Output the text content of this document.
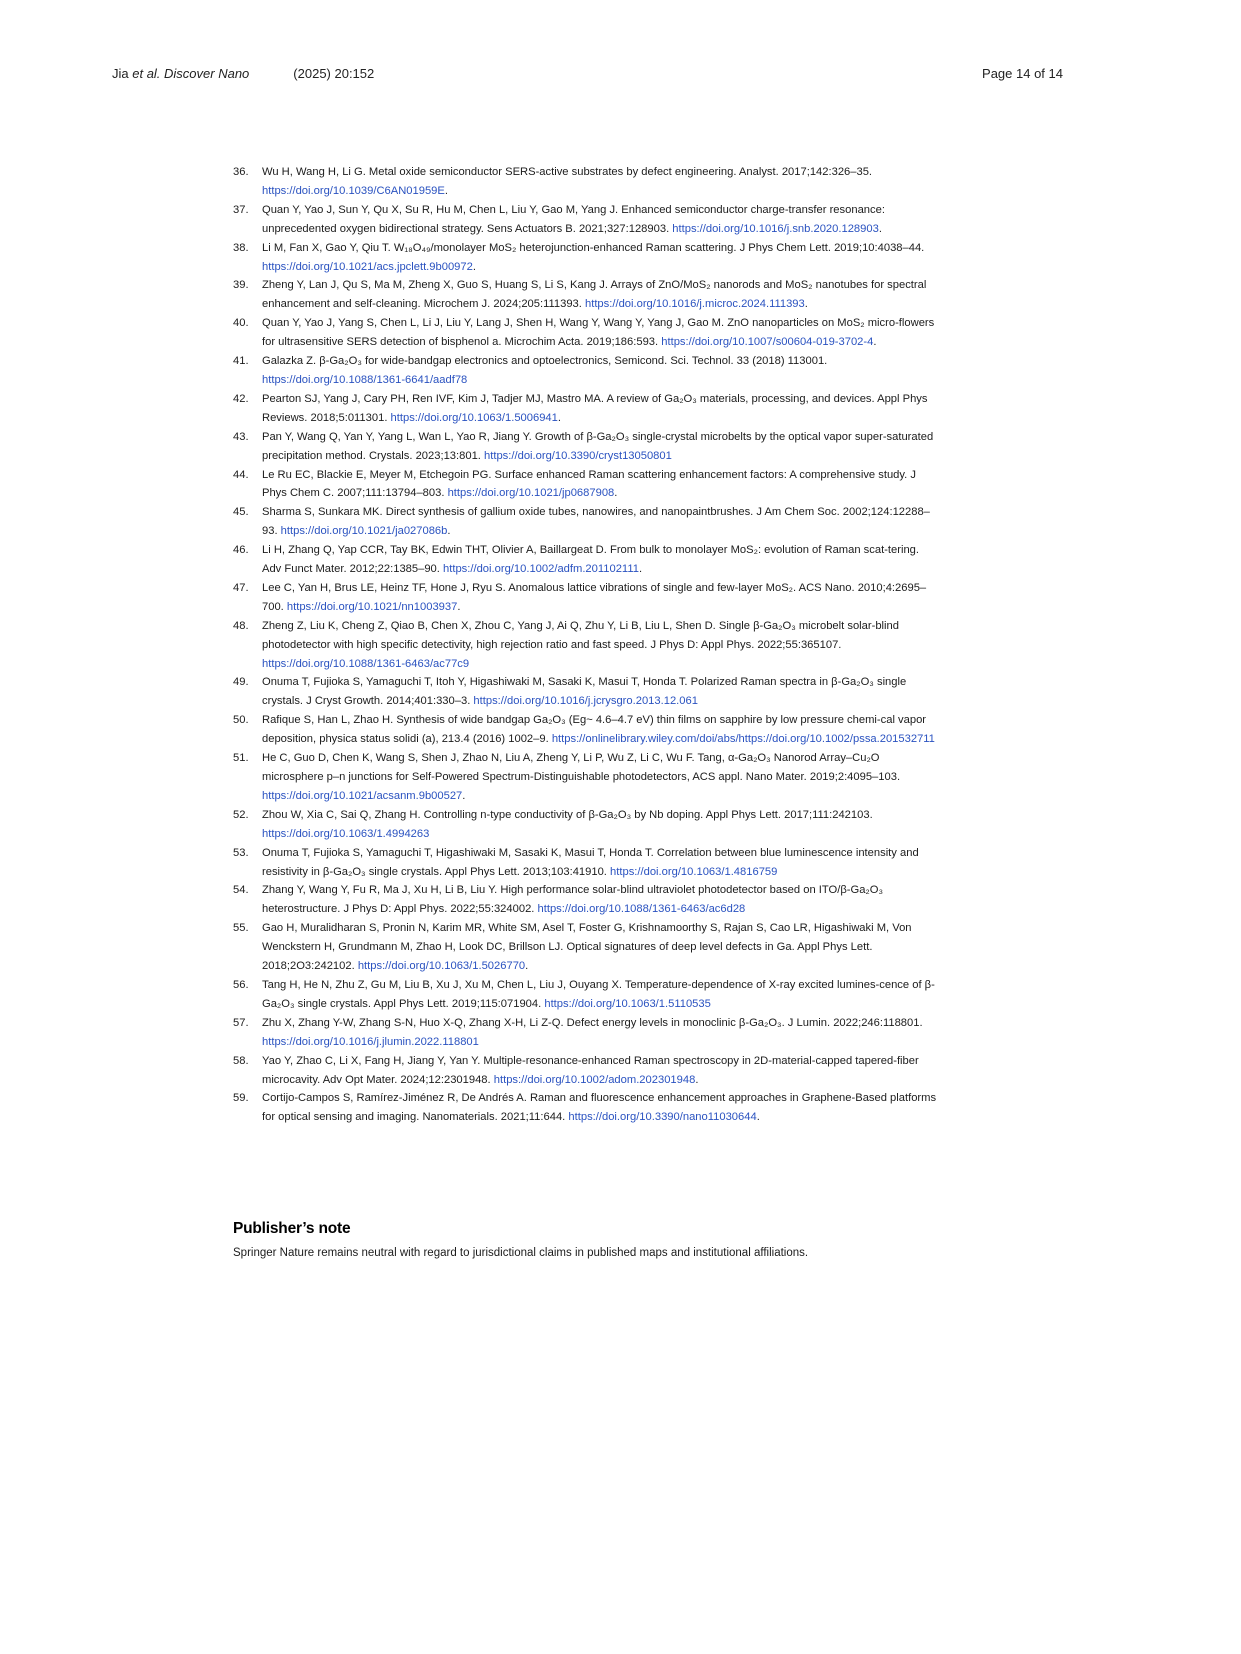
Jia et al. Discover Nano	(2025) 20:152	Page 14 of 14
36.	Wu H, Wang H, Li G. Metal oxide semiconductor SERS-active substrates by defect engineering. Analyst. 2017;142:326–35. https://doi.org/10.1039/C6AN01959E.
37.	Quan Y, Yao J, Sun Y, Qu X, Su R, Hu M, Chen L, Liu Y, Gao M, Yang J. Enhanced semiconductor charge-transfer resonance: unprecedented oxygen bidirectional strategy. Sens Actuators B. 2021;327:128903. https://doi.org/10.1016/j.snb.2020.128903.
38.	Li M, Fan X, Gao Y, Qiu T. W₁₈O₄₉/monolayer MoS₂ heterojunction-enhanced Raman scattering. J Phys Chem Lett. 2019;10:4038–44. https://doi.org/10.1021/acs.jpclett.9b00972.
39.	Zheng Y, Lan J, Qu S, Ma M, Zheng X, Guo S, Huang S, Li S, Kang J. Arrays of ZnO/MoS₂ nanorods and MoS₂ nanotubes for spectral enhancement and self-cleaning. Microchem J. 2024;205:111393. https://doi.org/10.1016/j.microc.2024.111393.
40.	Quan Y, Yao J, Yang S, Chen L, Li J, Liu Y, Lang J, Shen H, Wang Y, Wang Y, Yang J, Gao M. ZnO nanoparticles on MoS₂ micro-flowers for ultrasensitive SERS detection of bisphenol a. Microchim Acta. 2019;186:593. https://doi.org/10.1007/s00604-019-3702-4.
41.	Galazka Z. β-Ga₂O₃ for wide-bandgap electronics and optoelectronics, Semicond. Sci. Technol. 33 (2018) 113001. https://doi.org/10.1088/1361-6641/aadf78
42.	Pearton SJ, Yang J, Cary PH, Ren IVF, Kim J, Tadjer MJ, Mastro MA. A review of Ga₂O₃ materials, processing, and devices. Appl Phys Reviews. 2018;5:011301. https://doi.org/10.1063/1.5006941.
43.	Pan Y, Wang Q, Yan Y, Yang L, Wan L, Yao R, Jiang Y. Growth of β-Ga₂O₃ single-crystal microbelts by the optical vapor super-saturated precipitation method. Crystals. 2023;13:801. https://doi.org/10.3390/cryst13050801
44.	Le Ru EC, Blackie E, Meyer M, Etchegoin PG. Surface enhanced Raman scattering enhancement factors: A comprehensive study. J Phys Chem C. 2007;111:13794–803. https://doi.org/10.1021/jp0687908.
45.	Sharma S, Sunkara MK. Direct synthesis of gallium oxide tubes, nanowires, and nanopaintbrushes. J Am Chem Soc. 2002;124:12288–93. https://doi.org/10.1021/ja027086b.
46.	Li H, Zhang Q, Yap CCR, Tay BK, Edwin THT, Olivier A, Baillargeat D. From bulk to monolayer MoS₂: evolution of Raman scat-tering. Adv Funct Mater. 2012;22:1385–90. https://doi.org/10.1002/adfm.201102111.
47.	Lee C, Yan H, Brus LE, Heinz TF, Hone J, Ryu S. Anomalous lattice vibrations of single and few-layer MoS₂. ACS Nano. 2010;4:2695–700. https://doi.org/10.1021/nn1003937.
48.	Zheng Z, Liu K, Cheng Z, Qiao B, Chen X, Zhou C, Yang J, Ai Q, Zhu Y, Li B, Liu L, Shen D. Single β-Ga₂O₃ microbelt solar-blind photodetector with high specific detectivity, high rejection ratio and fast speed. J Phys D: Appl Phys. 2022;55:365107. https://doi.org/10.1088/1361-6463/ac77c9
49.	Onuma T, Fujioka S, Yamaguchi T, Itoh Y, Higashiwaki M, Sasaki K, Masui T, Honda T. Polarized Raman spectra in β-Ga₂O₃ single crystals. J Cryst Growth. 2014;401:330–3. https://doi.org/10.1016/j.jcrysgro.2013.12.061
50.	Rafique S, Han L, Zhao H. Synthesis of wide bandgap Ga₂O₃ (Eg~ 4.6–4.7 eV) thin films on sapphire by low pressure chemi-cal vapor deposition, physica status solidi (a), 213.4 (2016) 1002–9. https://onlinelibrary.wiley.com/doi/abs/https://doi.org/10.1002/pssa.201532711
51.	He C, Guo D, Chen K, Wang S, Shen J, Zhao N, Liu A, Zheng Y, Li P, Wu Z, Li C, Wu F. Tang, α-Ga₂O₃ Nanorod Array–Cu₂O microsphere p–n junctions for Self-Powered Spectrum-Distinguishable photodetectors, ACS appl. Nano Mater. 2019;2:4095–103. https://doi.org/10.1021/acsanm.9b00527.
52.	Zhou W, Xia C, Sai Q, Zhang H. Controlling n-type conductivity of β-Ga₂O₃ by Nb doping. Appl Phys Lett. 2017;111:242103. https://doi.org/10.1063/1.4994263
53.	Onuma T, Fujioka S, Yamaguchi T, Higashiwaki M, Sasaki K, Masui T, Honda T. Correlation between blue luminescence intensity and resistivity in β-Ga₂O₃ single crystals. Appl Phys Lett. 2013;103:41910. https://doi.org/10.1063/1.4816759
54.	Zhang Y, Wang Y, Fu R, Ma J, Xu H, Li B, Liu Y. High performance solar-blind ultraviolet photodetector based on ITO/β-Ga₂O₃ heterostructure. J Phys D: Appl Phys. 2022;55:324002. https://doi.org/10.1088/1361-6463/ac6d28
55.	Gao H, Muralidharan S, Pronin N, Karim MR, White SM, Asel T, Foster G, Krishnamoorthy S, Rajan S, Cao LR, Higashiwaki M, Von Wenckstern H, Grundmann M, Zhao H, Look DC, Brillson LJ. Optical signatures of deep level defects in Ga. Appl Phys Lett. 2018;2O3:242102. https://doi.org/10.1063/1.5026770.
56.	Tang H, He N, Zhu Z, Gu M, Liu B, Xu J, Xu M, Chen L, Liu J, Ouyang X. Temperature-dependence of X-ray excited lumines-cence of β-Ga₂O₃ single crystals. Appl Phys Lett. 2019;115:071904. https://doi.org/10.1063/1.5110535
57.	Zhu X, Zhang Y-W, Zhang S-N, Huo X-Q, Zhang X-H, Li Z-Q. Defect energy levels in monoclinic β-Ga₂O₃. J Lumin. 2022;246:118801. https://doi.org/10.1016/j.jlumin.2022.118801
58.	Yao Y, Zhao C, Li X, Fang H, Jiang Y, Yan Y. Multiple-resonance-enhanced Raman spectroscopy in 2D-material-capped tapered-fiber microcavity. Adv Opt Mater. 2024;12:2301948. https://doi.org/10.1002/adom.202301948.
59.	Cortijo-Campos S, Ramírez-Jiménez R, De Andrés A. Raman and fluorescence enhancement approaches in Graphene-Based platforms for optical sensing and imaging. Nanomaterials. 2021;11:644. https://doi.org/10.3390/nano11030644.
Publisher’s note

Springer Nature remains neutral with regard to jurisdictional claims in published maps and institutional affiliations.
